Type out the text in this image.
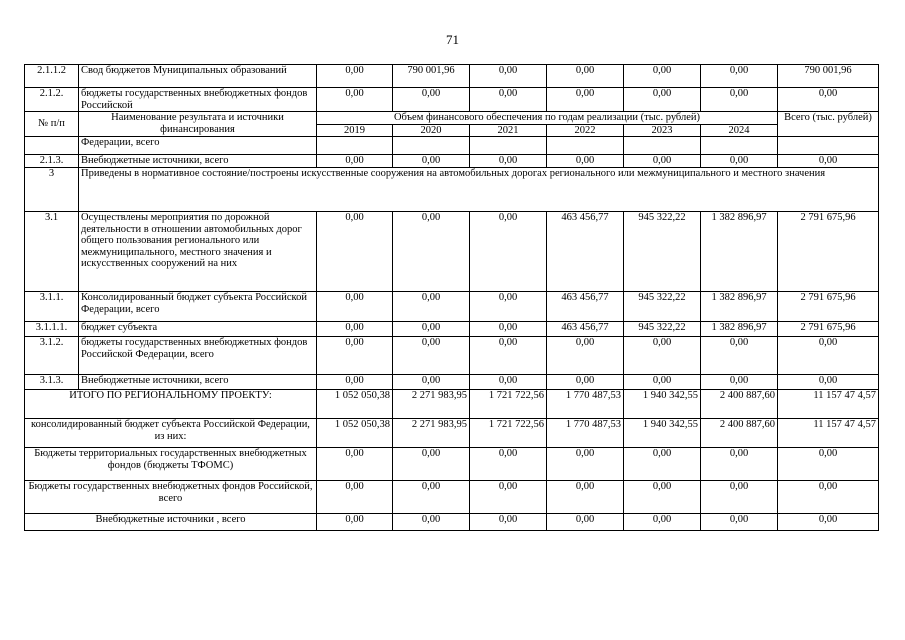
71
2.1.1.2	Свод бюджетов Муниципальных образований	0,00	790 001,96	0,00	0,00	0,00	0,00	790 001,96
2.1.2.	бюджеты государственных внебюджетных фондов Российской	0,00	0,00	0,00	0,00	0,00	0,00	0,00
№ п/п	Наименование результата и источники финансирования	Объем финансового обеспечения по годам реализации (тыс. рублей)						Всего (тыс. рублей)
		2019	2020	2021	2022	2023	2024	
	Федерации, всего							
2.1.3.	Внебюджетные источники, всего	0,00	0,00	0,00	0,00	0,00	0,00	0,00
3	Приведены в нормативное состояние/построены искусственные сооружения на автомобильных дорогах регионального или межмуниципального и местного значения							
3.1	Осуществлены мероприятия по дорожной деятельности в отношении автомобильных дорог общего пользования регионального или межмуниципального, местного значения и искусственных сооружений на них	0,00	0,00	0,00	463 456,77	945 322,22	1 382 896,97	2 791 675,96
3.1.1.	Консолидированный бюджет субъекта Российской Федерации, всего	0,00	0,00	0,00	463 456,77	945 322,22	1 382 896,97	2 791 675,96
3.1.1.1.	бюджет субъекта	0,00	0,00	0,00	463 456,77	945 322,22	1 382 896,97	2 791 675,96
3.1.2.	бюджеты государственных внебюджетных фондов Российской Федерации, всего	0,00	0,00	0,00	0,00	0,00	0,00	0,00
3.1.3.	Внебюджетные источники, всего	0,00	0,00	0,00	0,00	0,00	0,00	0,00
ИТОГО ПО РЕГИОНАЛЬНОМУ ПРОЕКТУ:		1 052 050,38	2 271 983,95	1 721 722,56	1 770 487,53	1 940 342,55	2 400 887,60	11 157 47 4,57
консолидированный бюджет субъекта Российской Федерации, из них:		1 052 050,38	2 271 983,95	1 721 722,56	1 770 487,53	1 940 342,55	2 400 887,60	11 157 47 4,57
Бюджеты территориальных государственных внебюджетных фондов (бюджеты ТФОМС)		0,00	0,00	0,00	0,00	0,00	0,00	0,00
Бюджеты государственных внебюджетных фондов Российской, всего		0,00	0,00	0,00	0,00	0,00	0,00	0,00
Внебюджетные источники , всего		0,00	0,00	0,00	0,00	0,00	0,00	0,00
